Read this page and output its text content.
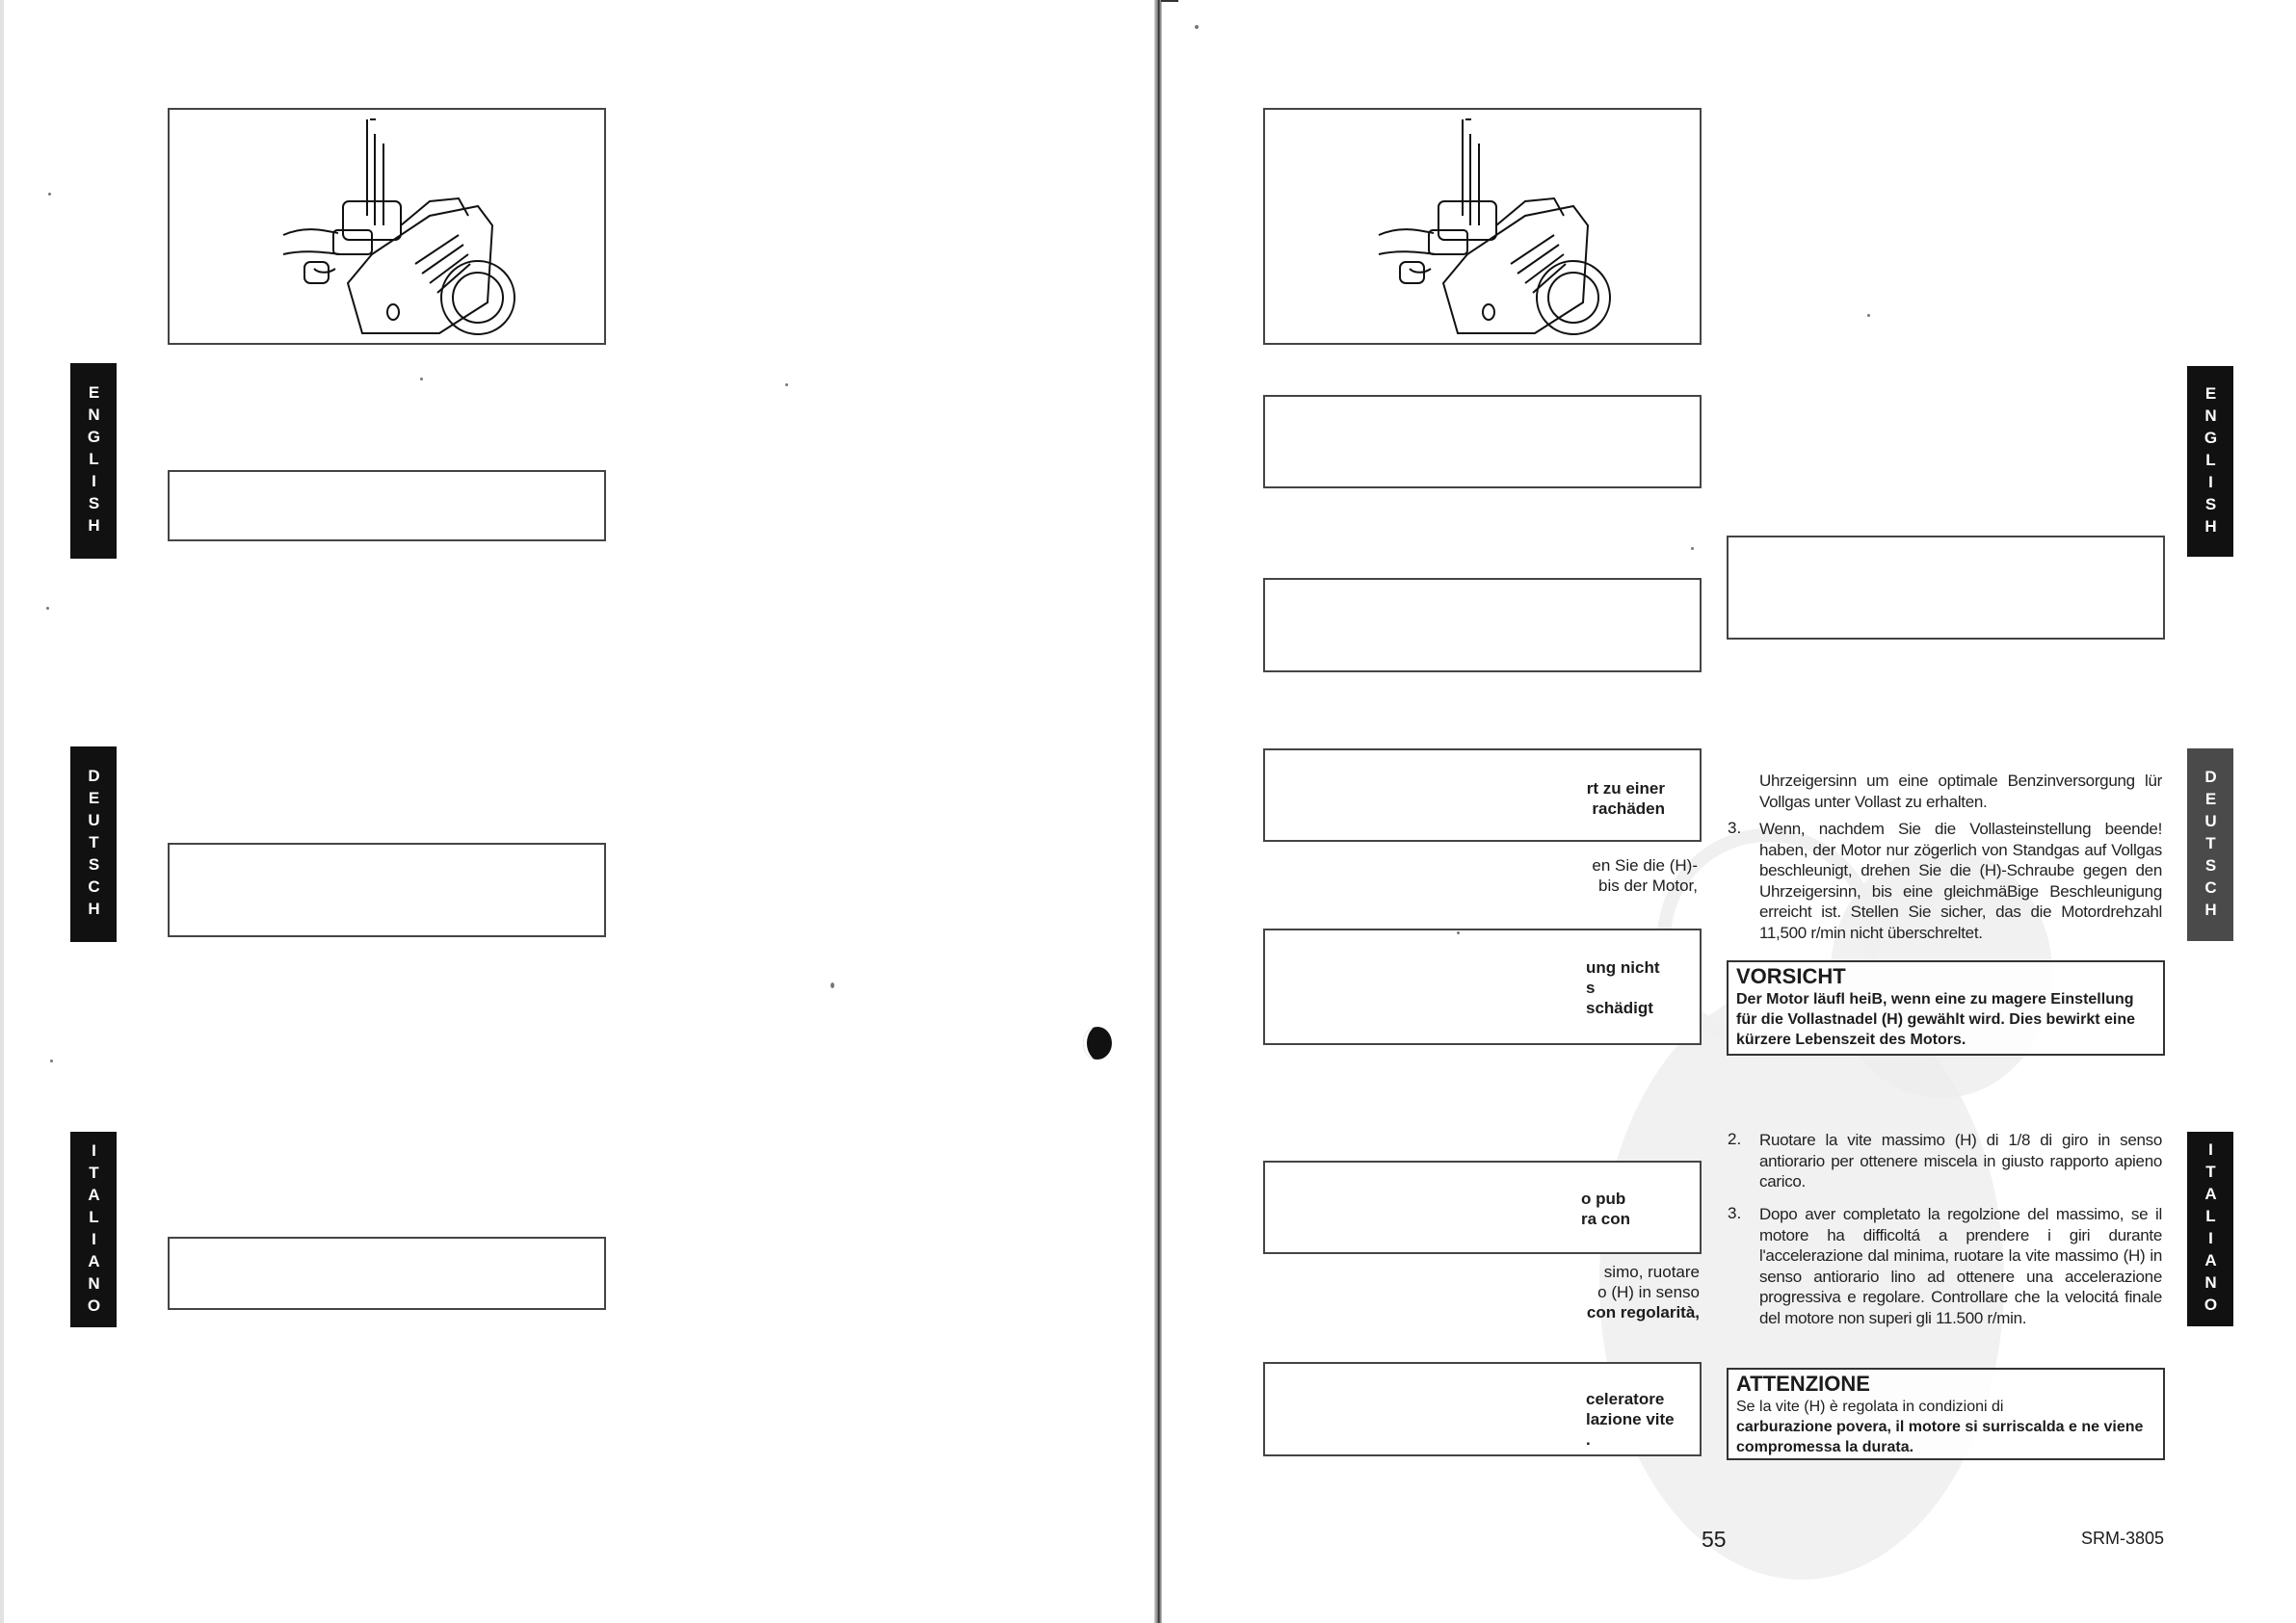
ENGLISH
DEUTSCH
ITALIANO
ENGLISH
DEUTSCH
ITALIANO
rt zu einer
rachäden
en Sie die (H)-
bis der Motor,
ung nicht
s
schädigt
Uhrzeigersinn um eine optimale Benzinversorgung lür Vollgas unter Vollast zu erhalten.
3. Wenn, nachdem Sie die Vollasteinstellung beende! haben, der Motor nur zögerlich von Standgas auf Vollgas beschleunigt, drehen Sie die (H)-Schraube gegen den Uhrzeigersinn, bis eine gleichmäBige Beschleunigung erreicht ist. Stellen Sie sicher, das die Motordrehzahl 11,500 r/min nicht überschreltet.
VORSICHT
Der Motor läufl heiB, wenn eine zu magere Einstellung für die Vollastnadel (H) gewählt wird. Dies bewirkt eine kürzere Lebenszeit des Motors.
o pub
ra con
simo, ruotare
o (H) in senso
con regolarità,
celeratore
lazione vite
.
2. Ruotare la vite massimo (H) di 1/8 di giro in senso antiorario per ottenere miscela in giusto rapporto apieno carico.
3. Dopo aver completato la regolzione del massimo, se il motore ha difficoltá a prendere i giri durante l'accelerazione dal minima, ruotare la vite massimo (H) in senso antiorario lino ad ottenere una accelerazione progressiva e regolare. Controllare che la velocitá finale del motore non superi gli 11.500 r/min.
ATTENZIONE
Se la vite (H) è regolata in condizioni di
carburazione povera, il motore si surriscalda e ne viene compromessa la durata.
55	SRM-3805
